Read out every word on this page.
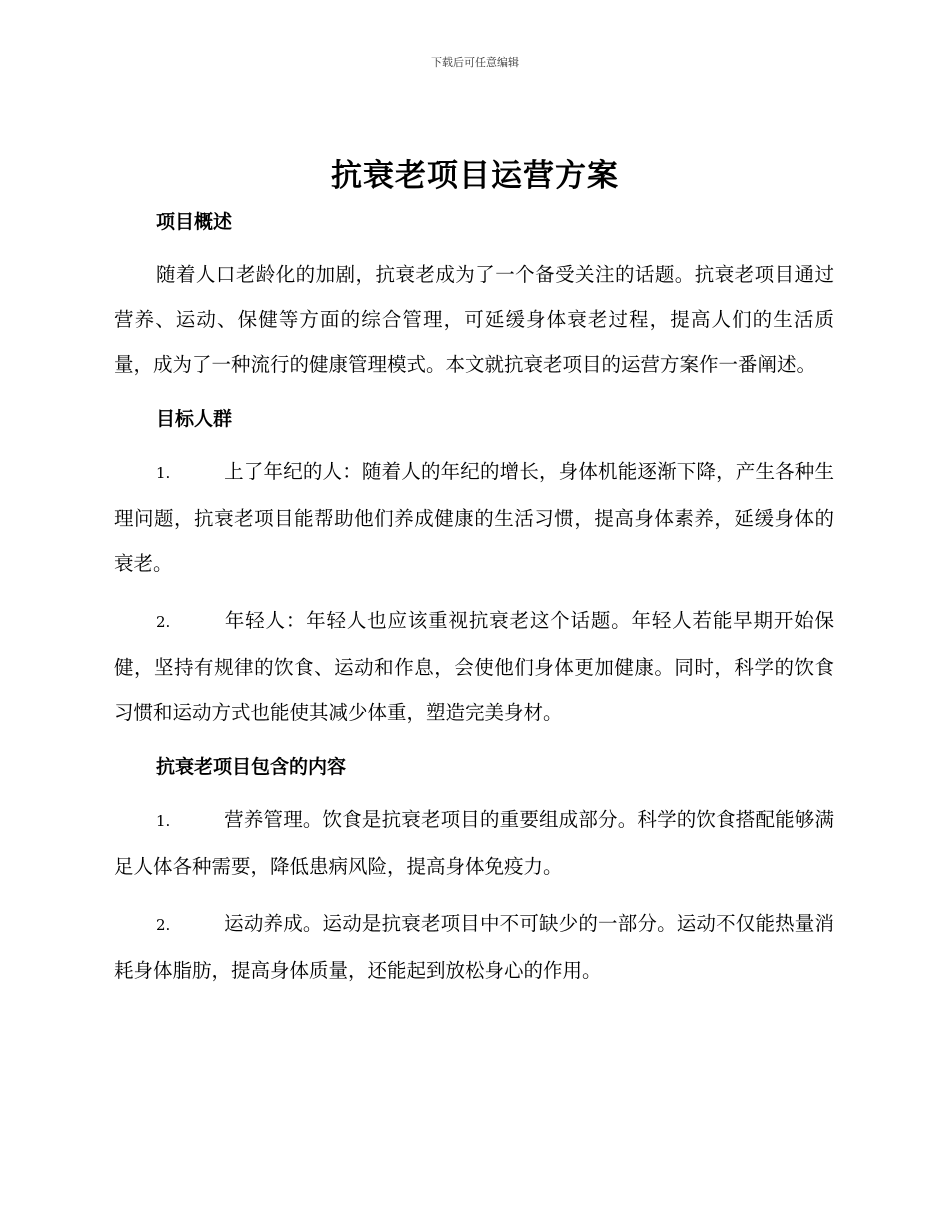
下载后可任意编辑
抗衰老项目运营方案

项目概述

随着人口老龄化的加剧，抗衰老成为了一个备受关注的话题。抗衰老项目通过营养、运动、保健等方面的综合管理，可延缓身体衰老过程，提高人们的生活质量，成为了一种流行的健康管理模式。本文就抗衰老项目的运营方案作一番阐述。

目标人群

1.	上了年纪的人：随着人的年纪的增长，身体机能逐渐下降，产生各种生理问题，抗衰老项目能帮助他们养成健康的生活习惯，提高身体素养，延缓身体的衰老。

2.	年轻人：年轻人也应该重视抗衰老这个话题。年轻人若能早期开始保健，坚持有规律的饮食、运动和作息，会使他们身体更加健康。同时，科学的饮食习惯和运动方式也能使其减少体重，塑造完美身材。

抗衰老项目包含的内容

1.	营养管理。饮食是抗衰老项目的重要组成部分。科学的饮食搭配能够满足人体各种需要，降低患病风险，提高身体免疫力。

2.	运动养成。运动是抗衰老项目中不可缺少的一部分。运动不仅能热量消耗身体脂肪，提高身体质量，还能起到放松身心的作用。
